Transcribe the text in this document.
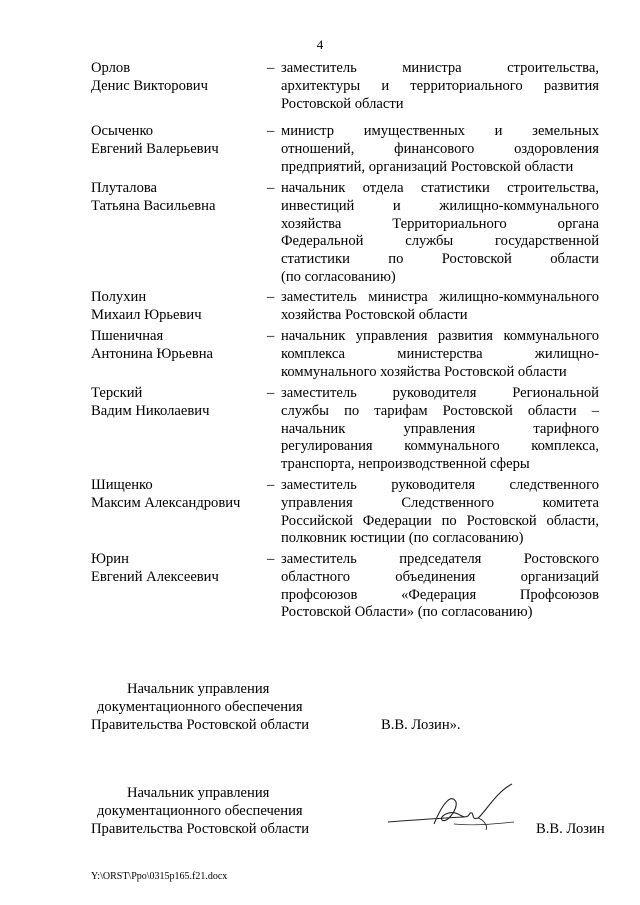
4
Орлов
Денис Викторович
– заместитель министра строительства,
архитектуры и территориального развития
Ростовской области
Осыченко
Евгений Валерьевич
– министр имущественных и земельных
отношений, финансового оздоровления
предприятий, организаций Ростовской области
Плуталова
Татьяна Васильевна
– начальник отдела статистики строительства,
инвестиций и жилищно-коммунального
хозяйства Территориального органа
Федеральной службы государственной
статистики по Ростовской области
(по согласованию)
Полухин
Михаил Юрьевич
– заместитель министра жилищно-коммунального
хозяйства Ростовской области
Пшеничная
Антонина Юрьевна
– начальник управления развития коммунального
комплекса министерства жилищно-
коммунального хозяйства Ростовской области
Терский
Вадим Николаевич
– заместитель руководителя Региональной
службы по тарифам Ростовской области –
начальник управления тарифного
регулирования коммунального комплекса,
транспорта, непроизводственной сферы
Шищенко
Максим Александрович
– заместитель руководителя следственного
управления Следственного комитета
Российской Федерации по Ростовской области,
полковник юстиции (по согласованию)
Юрин
Евгений Алексеевич
– заместитель председателя Ростовского
областного объединения организаций
профсоюзов «Федерация Профсоюзов
Ростовской Области» (по согласованию)
Начальник управления
документационного обеспечения
Правительства Ростовской области	В.В. Лозин».
Начальник управления
документационного обеспечения
Правительства Ростовской области	В.В. Лозин
Y:\ORST\Ppo\0315p165.f21.docx
